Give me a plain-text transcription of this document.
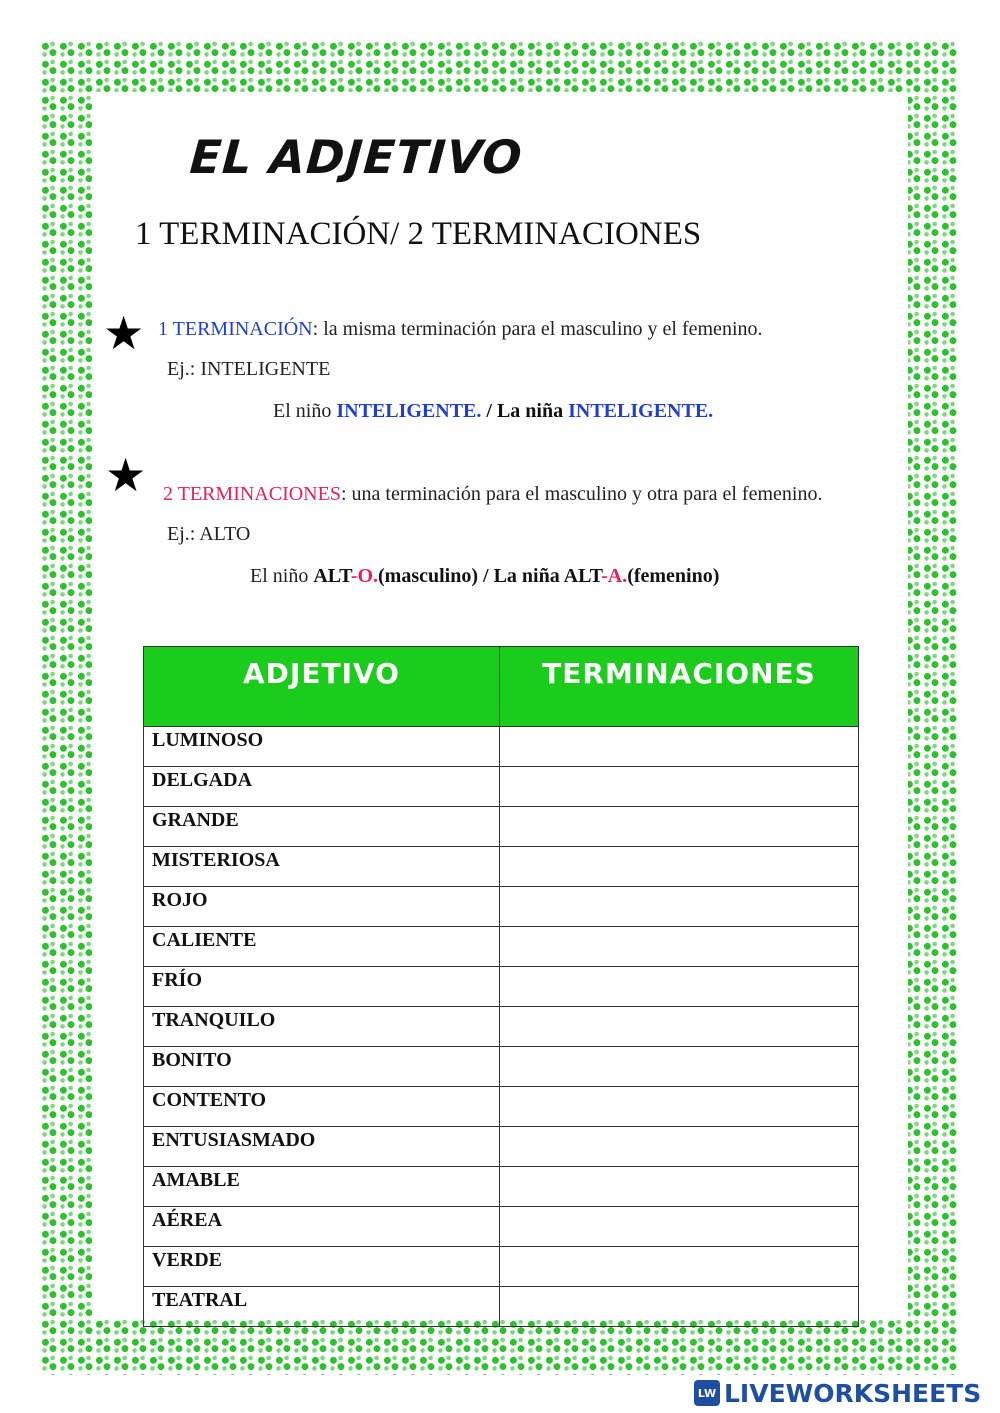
EL ADJETIVO
1 TERMINACIÓN/ 2 TERMINACIONES
★ 1 TERMINACIÓN: la misma terminación para el masculino y el femenino.
Ej.: INTELIGENTE
El niño INTELIGENTE. / La niña INTELIGENTE.
★ 2 TERMINACIONES: una terminación para el masculino y otra para el femenino.
Ej.: ALTO
El niño ALT-O.(masculino) / La niña ALT-A.(femenino)
ADJETIVO	TERMINACIONES
LUMINOSO	
DELGADA	
GRANDE	
MISTERIOSA	
ROJO	
CALIENTE	
FRÍO	
TRANQUILO	
BONITO	
CONTENTO	
ENTUSIASMADO	
AMABLE	
AÉREA	
VERDE	
TEATRAL	
LW LIVEWORKSHEETS
